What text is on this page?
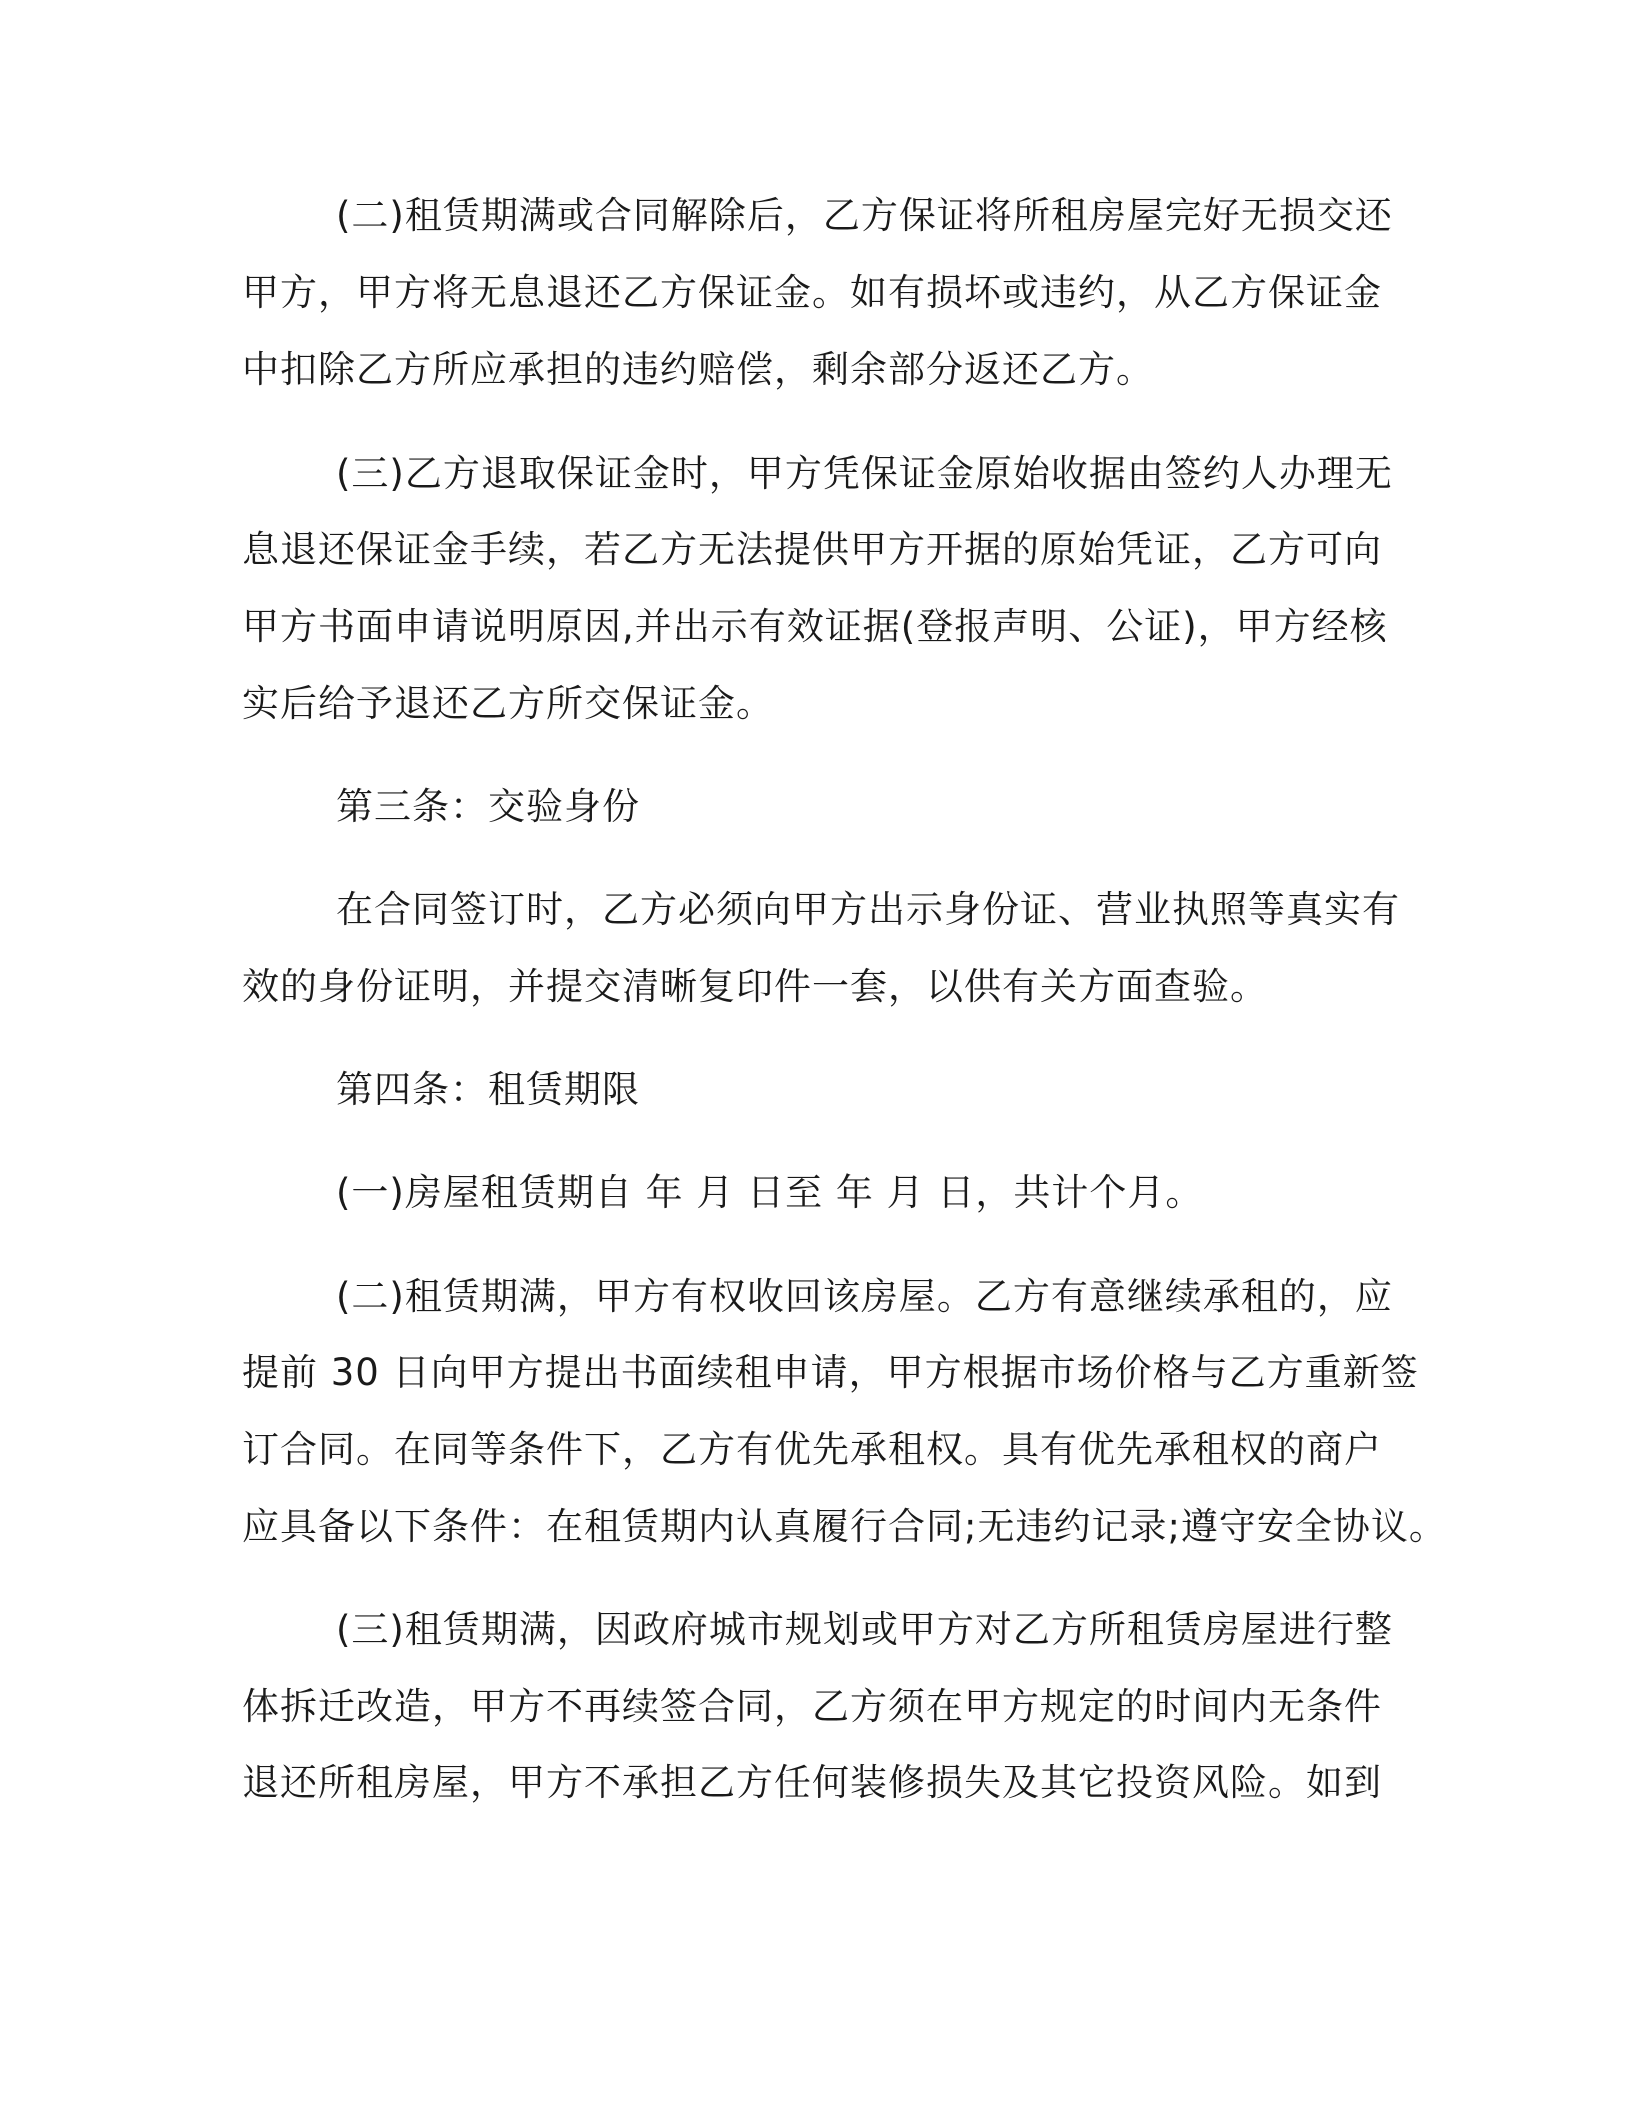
(二)租赁期满或合同解除后，乙方保证将所租房屋完好无损交还
甲方，甲方将无息退还乙方保证金。如有损坏或违约，从乙方保证金
中扣除乙方所应承担的违约赔偿，剩余部分返还乙方。
(三)乙方退取保证金时，甲方凭保证金原始收据由签约人办理无
息退还保证金手续，若乙方无法提供甲方开据的原始凭证，乙方可向
甲方书面申请说明原因,并出示有效证据(登报声明、公证)，甲方经核
实后给予退还乙方所交保证金。
第三条：交验身份
在合同签订时，乙方必须向甲方出示身份证、营业执照等真实有
效的身份证明，并提交清晰复印件一套，以供有关方面查验。
第四条：租赁期限
(一)房屋租赁期自 年 月 日至 年 月 日，共计个月。
(二)租赁期满，甲方有权收回该房屋。乙方有意继续承租的，应
提前 30 日向甲方提出书面续租申请，甲方根据市场价格与乙方重新签
订合同。在同等条件下，乙方有优先承租权。具有优先承租权的商户
应具备以下条件：在租赁期内认真履行合同;无违约记录;遵守安全协议。
(三)租赁期满，因政府城市规划或甲方对乙方所租赁房屋进行整
体拆迁改造，甲方不再续签合同，乙方须在甲方规定的时间内无条件
退还所租房屋，甲方不承担乙方任何装修损失及其它投资风险。如到
